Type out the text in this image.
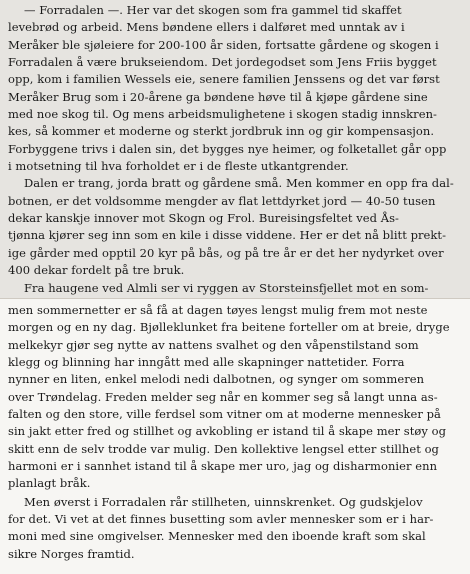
— Forradalen —. Her var det skogen som fra gammel tid skaffet
levebrød og arbeid. Mens bøndene ellers i dalføret med unntak av i
Meråker ble sjøleiere for 200-100 år siden, fortsatte gårdene og skogen i
Forradalen å være brukseiendom. Det jordegodset som Jens Friis bygget
opp, kom i familien Wessels eie, senere familien Jenssens og det var først
Meråker Brug som i 20-årene ga bøndene høve til å kjøpe gårdene sine
med noe skog til. Og mens arbeidsmulighetene i skogen stadig innskren-
kes, så kommer et moderne og sterkt jordbruk inn og gir kompensasjon.
Forbyggene trivs i dalen sin, det bygges nye heimer, og folketallet går opp
i motsetning til hva forholdet er i de fleste utkantgrender.
Dalen er trang, jorda bratt og gårdene små. Men kommer en opp fra dal-
botnen, er det voldsomme mengder av flat lettdyrket jord — 40-50 tusen
dekar kanskje innover mot Skogn og Frol. Bureisingsfeltet ved Ås-
tjønna kjører seg inn som en kile i disse viddene. Her er det nå blitt prekt-
ige gårder med opptil 20 kyr på bås, og på tre år er det her nydyrket over
400 dekar fordelt på tre bruk.
Fra haugene ved Almli ser vi ryggen av Storsteinsfjellet mot en som-
men sommernetter er så få at dagen tøyes lengst mulig frem mot neste
morgen og en ny dag. Bjølleklunket fra beitene forteller om at breie, dryge
melkekyr gjør seg nytte av nattens svalhet og den våpenstilstand som
klegg og blinning har inngått med alle skapninger nattetider. Forra
nynner en liten, enkel melodi nedi dalbotnen, og synger om sommeren
over Trøndelag. Freden melder seg når en kommer seg så langt unna as-
falten og den store, ville ferdsel som vitner om at moderne mennesker på
sin jakt etter fred og stillhet og avkobling er istand til å skape mer støy og
skitt enn de selv trodde var mulig. Den kollektive lengsel etter stillhet og
harmoni er i sannhet istand til å skape mer uro, jag og disharmonier enn
planlagt bråk.
Men øverst i Forradalen rår stillheten, uinnskrenket. Og gudskjelov
for det. Vi vet at det finnes busetting som avler mennesker som er i har-
moni med sine omgivelser. Mennesker med den iboende kraft som skal
sikre Norges framtid.
